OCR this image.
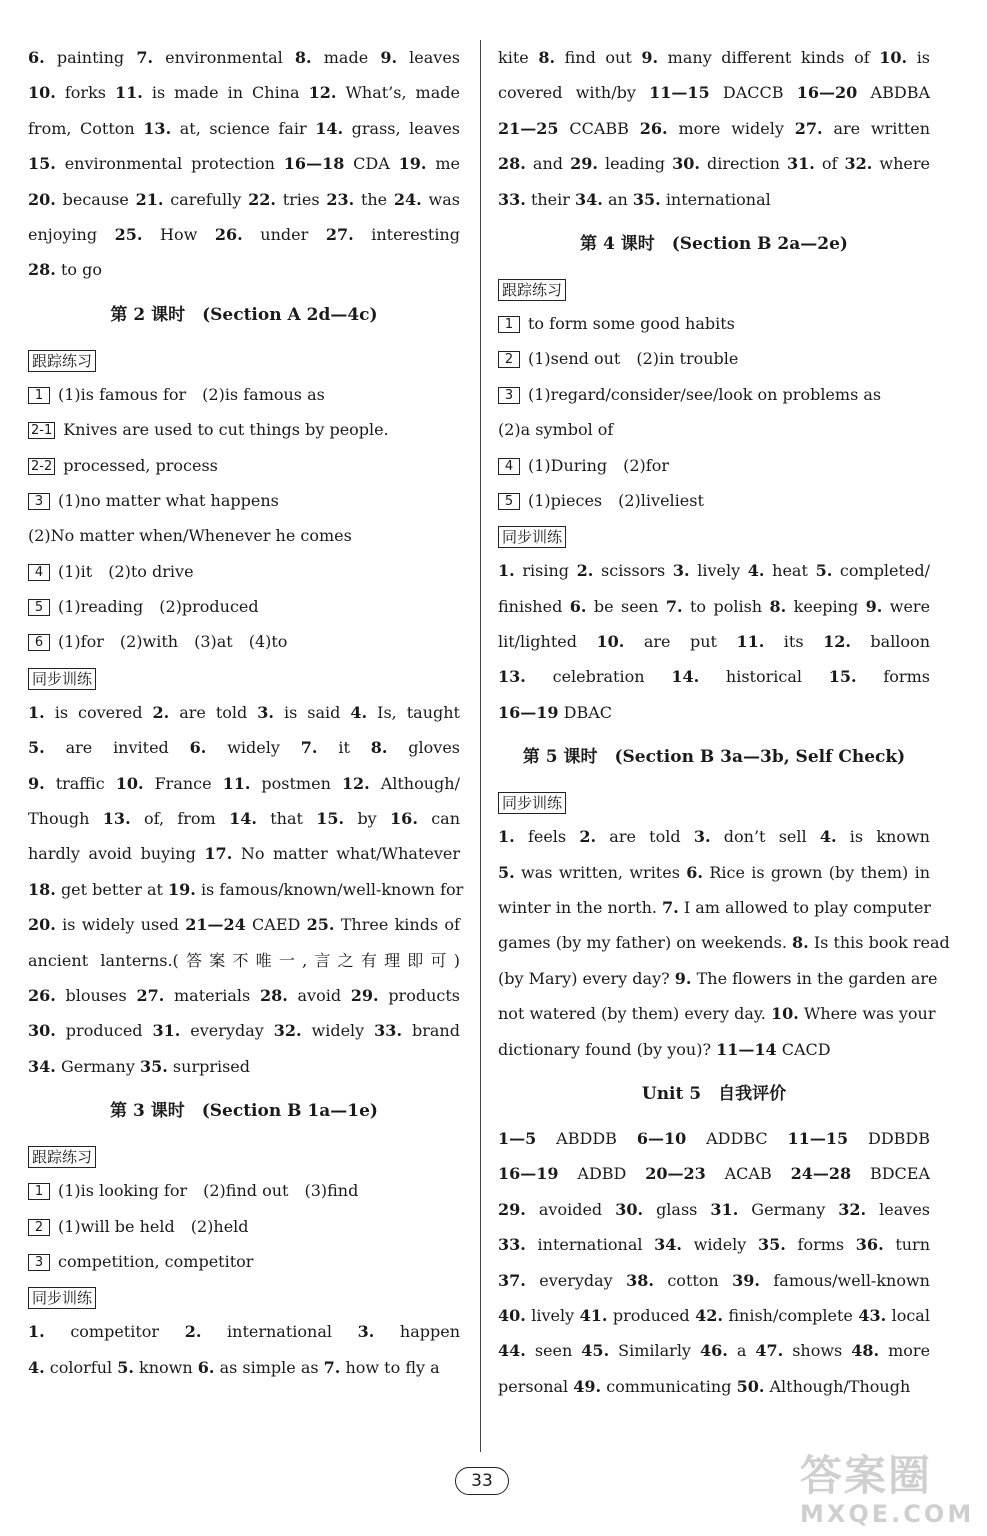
6. painting 7. environmental 8. made 9. leaves
10. forks 11. is made in China 12. What’s, made
from, Cotton 13. at, science fair 14. grass, leaves
15. environmental protection 16—18 CDA 19. me
20. because 21. carefully 22. tries 23. the 24. was
enjoying 25. How 26. under 27. interesting
28. to go
第 2 课时　(Section A 2d—4c)
跟踪练习
1 (1)is famous for　(2)is famous as
2-1 Knives are used to cut things by people.
2-2 processed, process
3 (1)no matter what happens
(2)No matter when/Whenever he comes
4 (1)it　(2)to drive
5 (1)reading　(2)produced
6 (1)for　(2)with　(3)at　(4)to
同步训练
1. is covered 2. are told 3. is said 4. Is, taught
5. are invited 6. widely 7. it 8. gloves
9. traffic 10. France 11. postmen 12. Although/
Though 13. of, from 14. that 15. by 16. can
hardly avoid buying 17. No matter what/Whatever
18. get better at 19. is famous/known/well-known for
20. is widely used 21—24 CAED 25. Three kinds of
ancient lanterns.(答案不唯一,言之有理即可)
26. blouses 27. materials 28. avoid 29. products
30. produced 31. everyday 32. widely 33. brand
34. Germany 35. surprised
第 3 课时　(Section B 1a—1e)
跟踪练习
1 (1)is looking for　(2)find out　(3)find
2 (1)will be held　(2)held
3 competition, competitor
同步训练
1. competitor 2. international 3. happen
4. colorful 5. known 6. as simple as 7. how to fly a
kite 8. find out 9. many different kinds of 10. is
covered with/by 11—15 DACCB 16—20 ABDBA
21—25 CCABB 26. more widely 27. are written
28. and 29. leading 30. direction 31. of 32. where
33. their 34. an 35. international
第 4 课时　(Section B 2a—2e)
跟踪练习
1 to form some good habits
2 (1)send out　(2)in trouble
3 (1)regard/consider/see/look on problems as
(2)a symbol of
4 (1)During　(2)for
5 (1)pieces　(2)liveliest
同步训练
1. rising 2. scissors 3. lively 4. heat 5. completed/
finished 6. be seen 7. to polish 8. keeping 9. were
lit/lighted 10. are put 11. its 12. balloon
13. celebration 14. historical 15. forms
16—19 DBAC
第 5 课时　(Section B 3a—3b, Self Check)
同步训练
1. feels 2. are told 3. don’t sell 4. is known
5. was written, writes 6. Rice is grown (by them) in
winter in the north. 7. I am allowed to play computer
games (by my father) on weekends. 8. Is this book read
(by Mary) every day? 9. The flowers in the garden are
not watered (by them) every day. 10. Where was your
dictionary found (by you)? 11—14 CACD
Unit 5　自我评价
1—5 ABDDB 6—10 ADDBC 11—15 DDBDB
16—19 ADBD 20—23 ACAB 24—28 BDCEA
29. avoided 30. glass 31. Germany 32. leaves
33. international 34. widely 35. forms 36. turn
37. everyday 38. cotton 39. famous/well-known
40. lively 41. produced 42. finish/complete 43. local
44. seen 45. Similarly 46. a 47. shows 48. more
personal 49. communicating 50. Although/Though
33	答案圈
MXQE.COM
